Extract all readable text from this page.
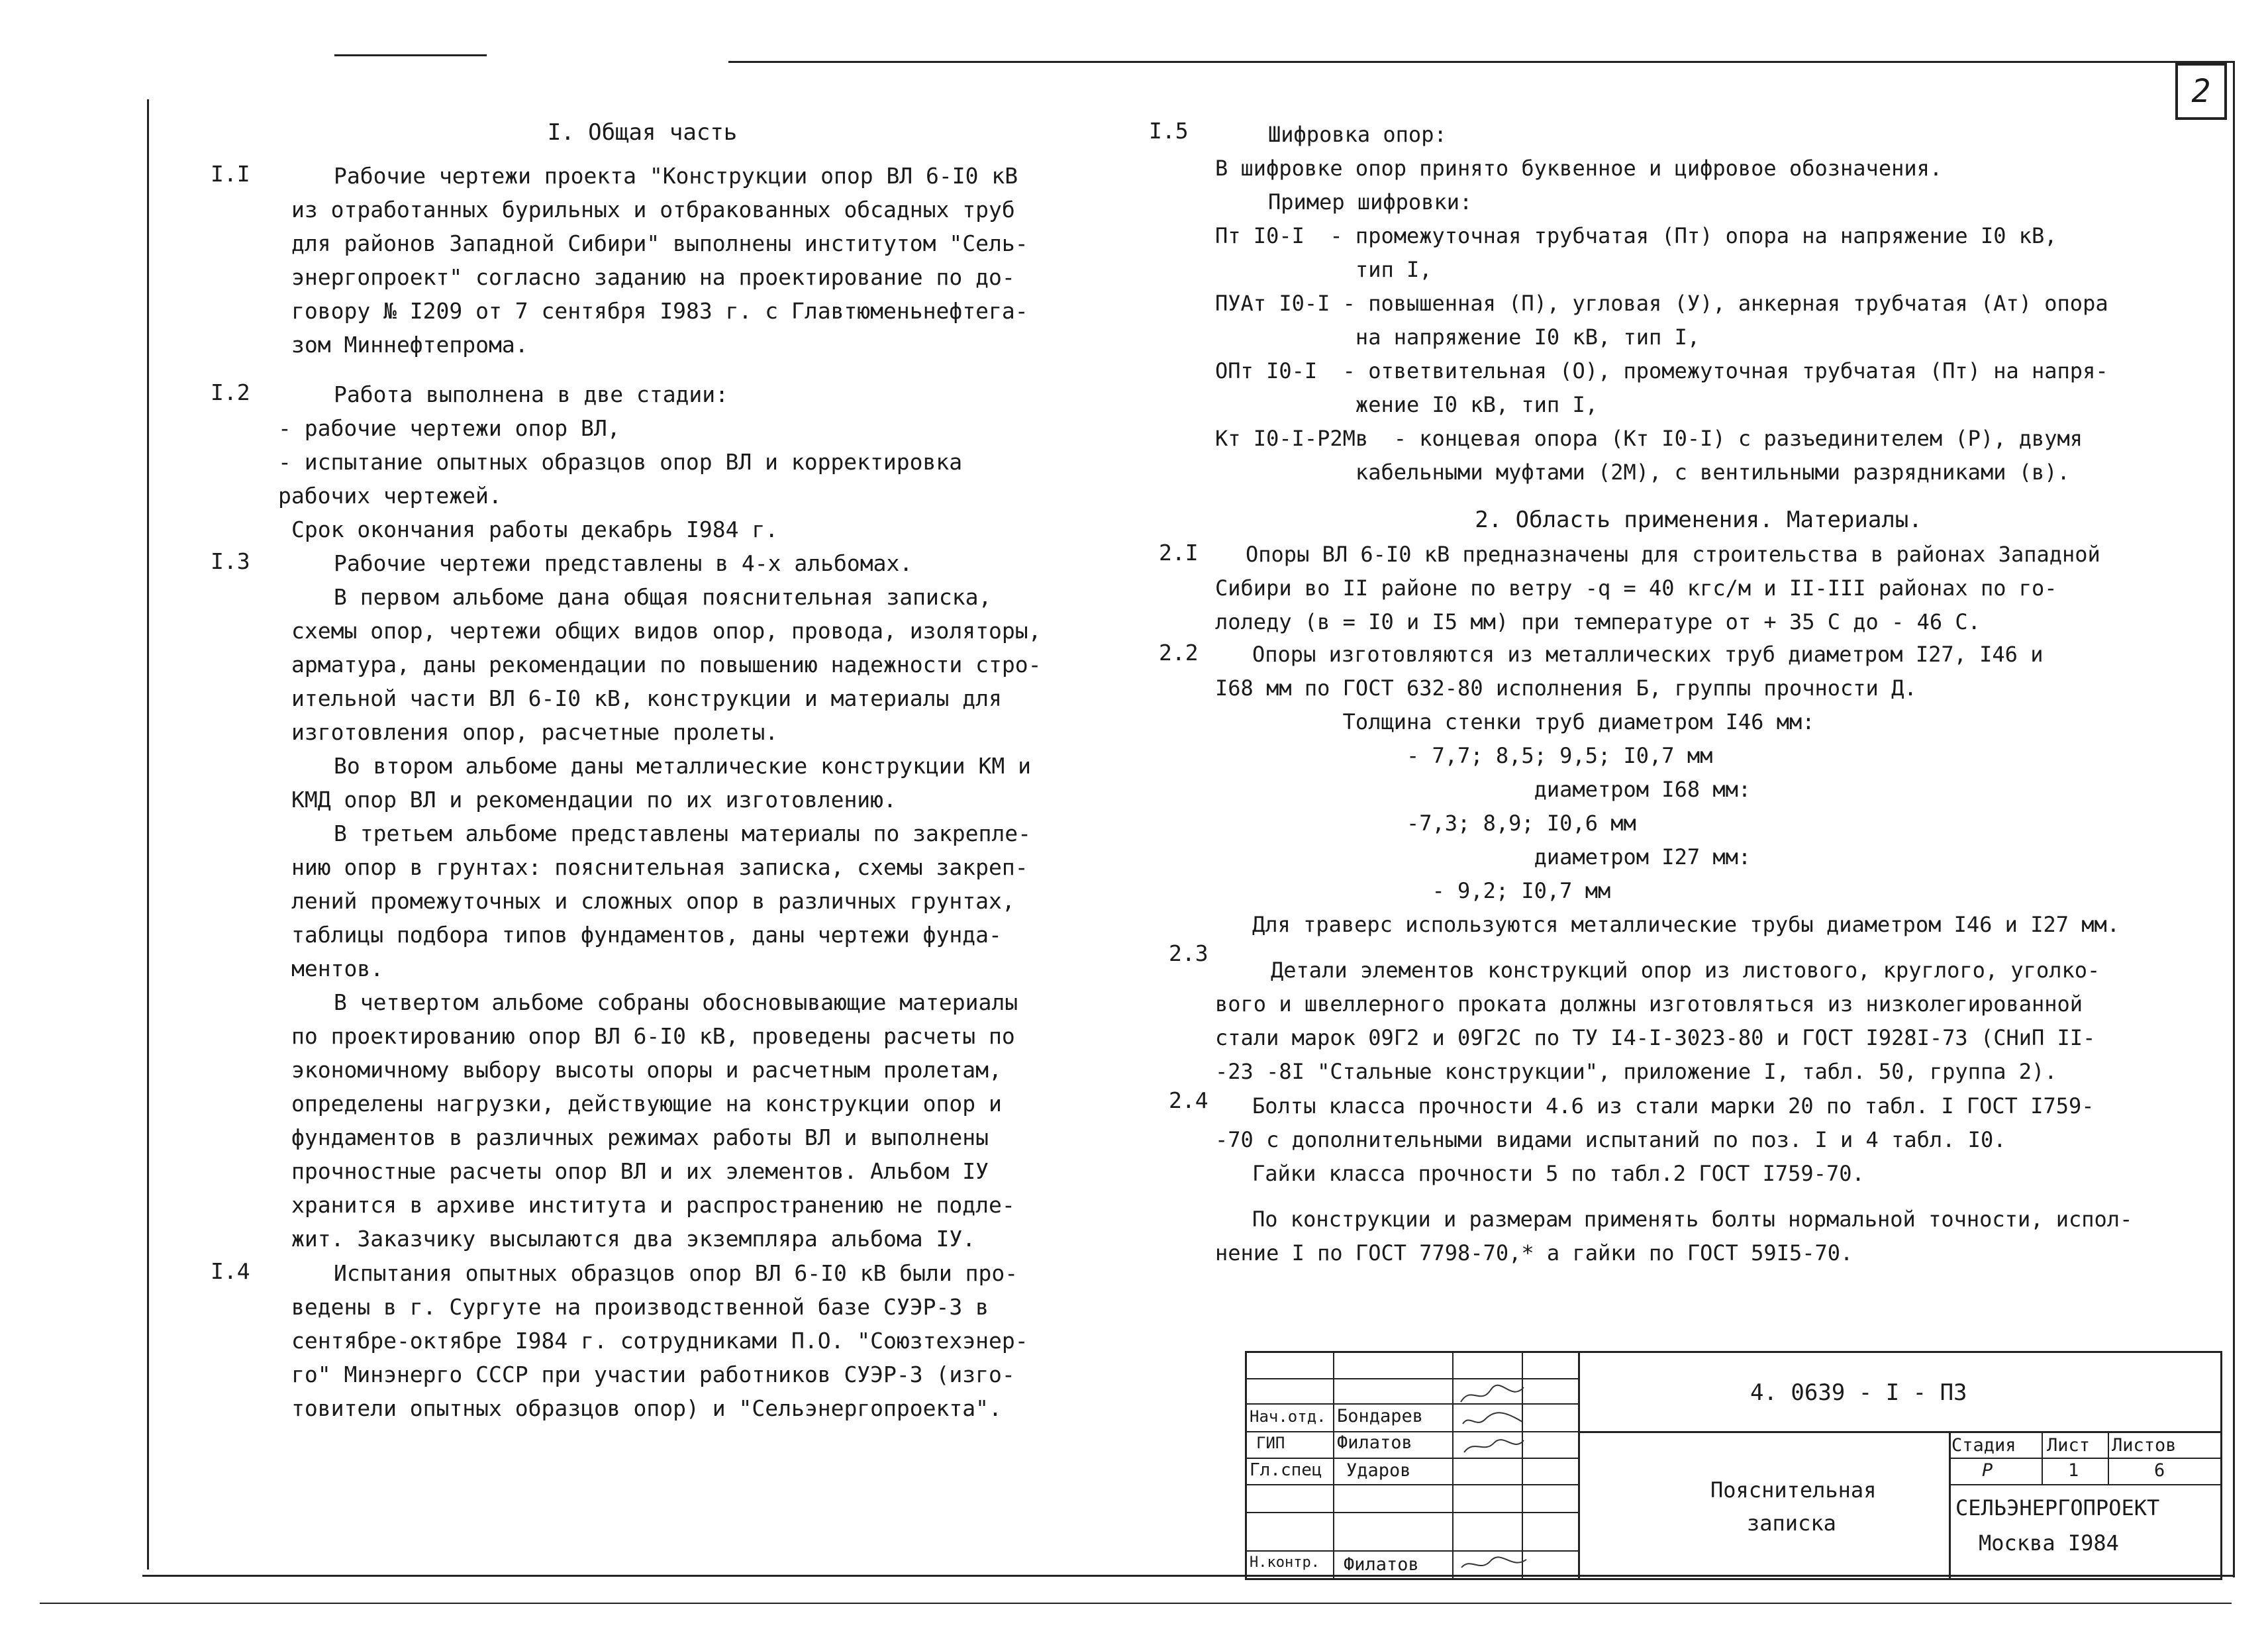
2

I. Общая часть

I.I	Рабочие чертежи проекта "Конструкции опор ВЛ 6-I0 кВ

из отработанных бурильных и отбракованных обсадных труб

для районов Западной Сибири" выполнены институтом "Сель-

энергопроект" согласно заданию на проектирование по до-

говору № I209 от 7 сентября I983 г. с Главтюменьнефтега-

зом Миннефтепрома.

I.2	Работа выполнена в две стадии:

- рабочие чертежи опор ВЛ,

- испытание опытных образцов опор ВЛ и корректировка

рабочих чертежей.

Срок окончания работы декабрь I984 г.

I.3	Рабочие чертежи представлены в 4-х альбомах.

В первом альбоме дана общая пояснительная записка,

схемы опор, чертежи общих видов опор, провода, изоляторы,

арматура, даны рекомендации по повышению надежности стро-

ительной части ВЛ 6-I0 кВ, конструкции и материалы для

изготовления опор, расчетные пролеты.

Во втором альбоме даны металлические конструкции КМ и

КМД опор ВЛ и рекомендации по их изготовлению.

В третьем альбоме представлены материалы по закрепле-

нию опор в грунтах: пояснительная записка, схемы закреп-

лений промежуточных и сложных опор в различных грунтах,

таблицы подбора типов фундаментов, даны чертежи фунда-

ментов.

В четвертом альбоме собраны обосновывающие материалы

по проектированию опор ВЛ 6-I0 кВ, проведены расчеты по

экономичному выбору высоты опоры и расчетным пролетам,

определены нагрузки, действующие на конструкции опор и

фундаментов в различных режимах работы ВЛ и выполнены

прочностные расчеты опор ВЛ и их элементов. Альбом IУ

хранится в архиве института и распространению не подле-

жит. Заказчику высылаются два экземпляра альбома IУ.

I.4	Испытания опытных образцов опор ВЛ 6-I0 кВ были про-

ведены в г. Сургуте на производственной базе СУЭР-3 в

сентябре-октябре I984 г. сотрудниками П.О. "Союзтехэнер-

го" Минэнерго СССР при участии работников СУЭР-3 (изго-

товители опытных образцов опор) и "Сельэнергопроекта".

I.5	Шифровка опор:

В шифровке опор принято буквенное и цифровое обозначения.

Пример шифровки:

Пт I0-I  - промежуточная трубчатая (Пт) опора на напряжение I0 кВ,

тип I,

ПУАт I0-I - повышенная (П), угловая (У), анкерная трубчатая (Ат) опора

на напряжение I0 кВ, тип I,

ОПт I0-I  - ответвительная (О), промежуточная трубчатая (Пт) на напря-

жение I0 кВ, тип I,

Кт I0-I-Р2Мв  - концевая опора (Кт I0-I) с разъединителем (Р), двумя

кабельными муфтами (2М), с вентильными разрядниками (в).

2. Область применения. Материалы.

2.I	Опоры ВЛ 6-I0 кВ предназначены для строительства в районах Западной

Сибири во II районе по ветру -q = 40 кгс/м и II-III районах по го-

лоледу (в = I0 и I5 мм) при температуре от + 35 С до - 46 С.

2.2	Опоры изготовляются из металлических труб диаметром I27, I46 и

I68 мм по ГОСТ 632-80 исполнения Б, группы прочности Д.

Толщина стенки труб диаметром I46 мм:

- 7,7; 8,5; 9,5; I0,7 мм

диаметром I68 мм:

-7,3; 8,9; I0,6 мм

диаметром I27 мм:

- 9,2; I0,7 мм

Для траверс используются металлические трубы диаметром I46 и I27 мм.

2.3

Детали элементов конструкций опор из листового, круглого, уголко-

вого и швеллерного проката должны изготовляться из низколегированной

стали марок 09Г2 и 09Г2С по ТУ I4-I-3023-80 и ГОСТ I928I-73 (СНиП II-

-23 -8I "Стальные конструкции", приложение I, табл. 50, группа 2).

2.4	Болты класса прочности 4.6 из стали марки 20 по табл. I ГОСТ I759-

-70 с дополнительными видами испытаний по поз. I и 4 табл. I0.

Гайки класса прочности 5 по табл.2 ГОСТ I759-70.

По конструкции и размерам применять болты нормальной точности, испол-

нение I по ГОСТ 7798-70,* а гайки по ГОСТ 59I5-70.

4. 0639 - I - ПЗ
Нач.отд. Бондарев
ГИП	Филатов
Гл.спец Ударов
Н.контр. Филатов
Пояснительная
записка
Стадия Лист Листов
Р	1	6
СЕЛЬЭНЕРГОПРОЕКТ
Москва I984
